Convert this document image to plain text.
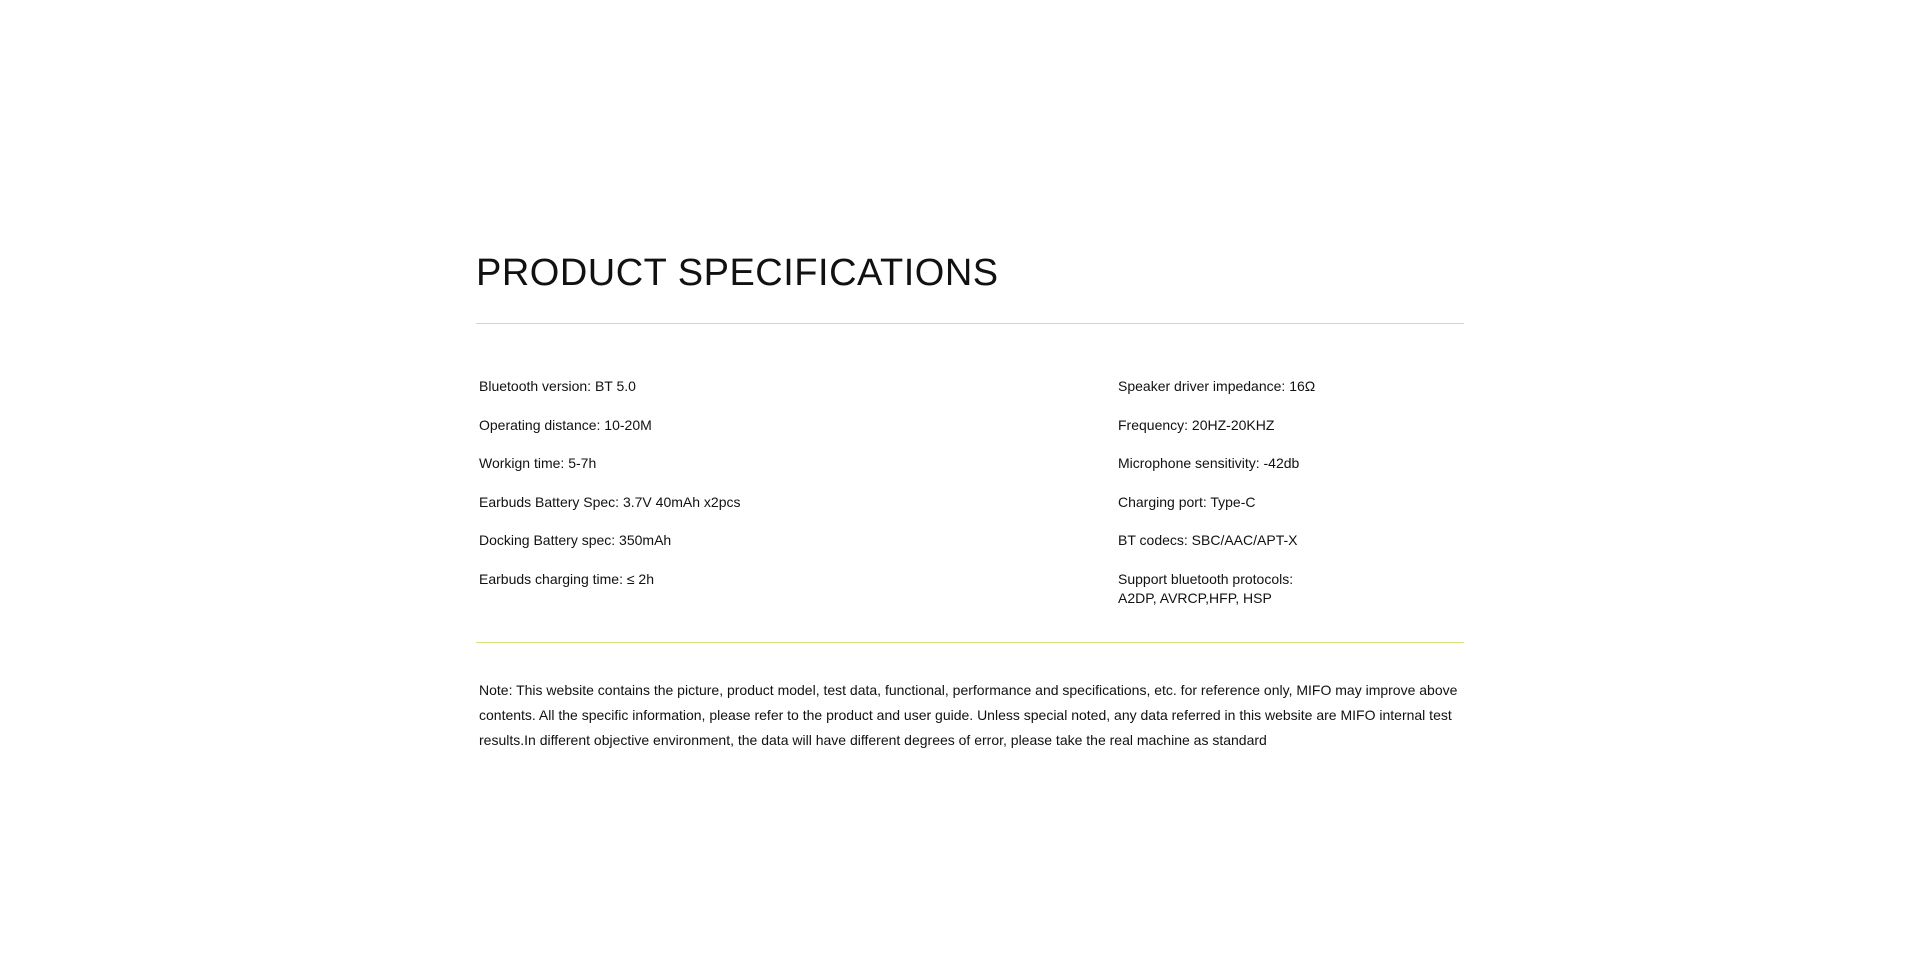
PRODUCT SPECIFICATIONS
Bluetooth version: BT 5.0
Operating distance: 10-20M
Workign time: 5-7h
Earbuds Battery Spec: 3.7V 40mAh x2pcs
Docking Battery spec: 350mAh
Earbuds charging time: ≤ 2h
Speaker driver impedance: 16Ω
Frequency: 20HZ-20KHZ
Microphone sensitivity: -42db
Charging port: Type-C
BT codecs: SBC/AAC/APT-X
Support bluetooth protocols:
A2DP, AVRCP,HFP, HSP

Note: This website contains the picture, product model, test data, functional, performance and specifications, etc. for reference only, MIFO may improve above contents. All the specific information, please refer to the product and user guide. Unless special noted, any data referred in this website are MIFO internal test results.In different objective environment, the data will have different degrees of error, please take the real machine as standard
